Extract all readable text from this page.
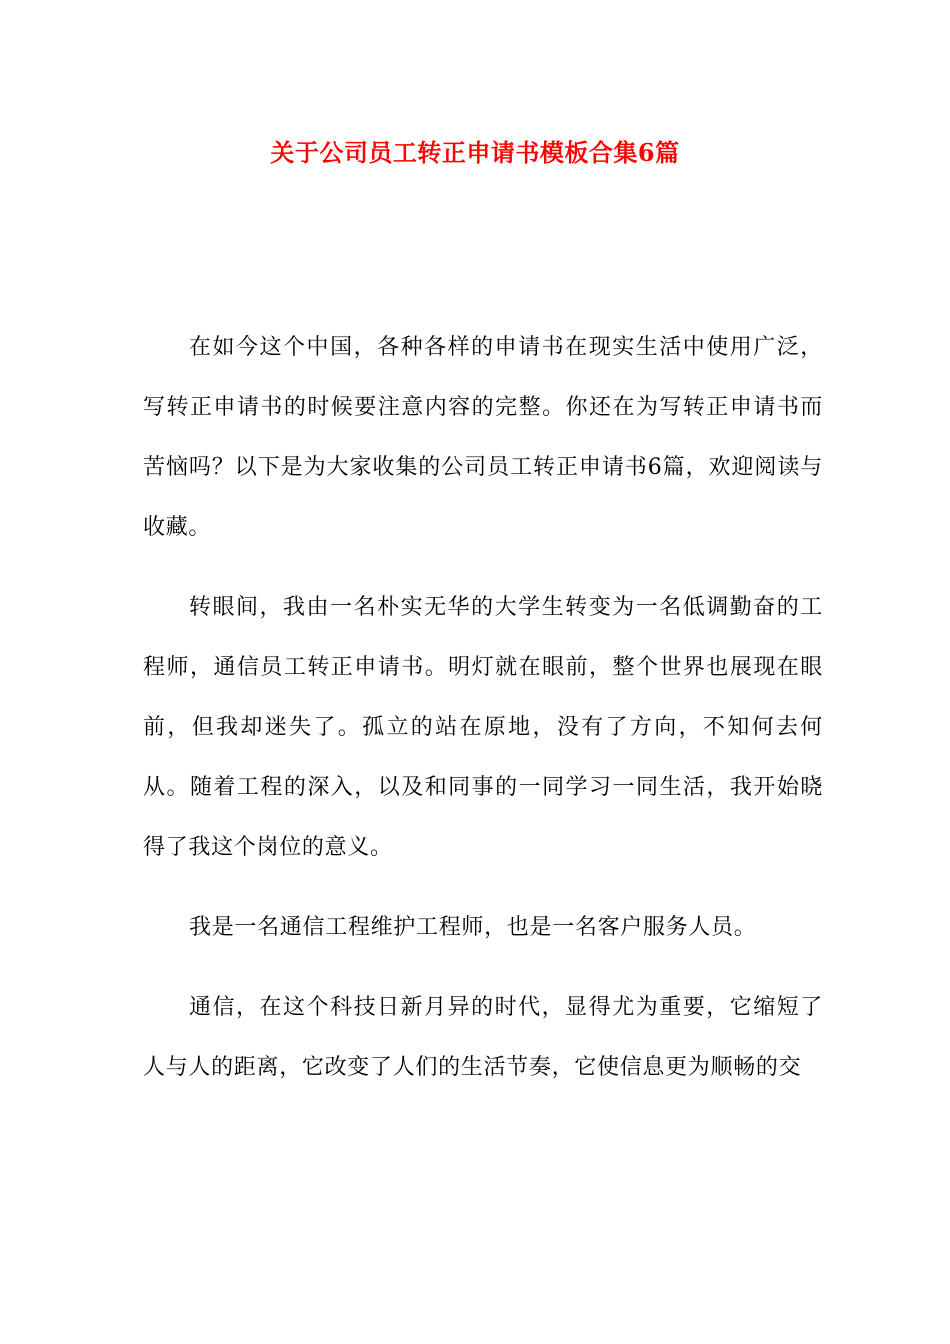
关于公司员工转正申请书模板合集6篇

在如今这个中国，各种各样的申请书在现实生活中使用广泛，写转正申请书的时候要注意内容的完整。你还在为写转正申请书而苦恼吗？以下是为大家收集的公司员工转正申请书6篇，欢迎阅读与收藏。

转眼间，我由一名朴实无华的大学生转变为一名低调勤奋的工程师，通信员工转正申请书。明灯就在眼前，整个世界也展现在眼前，但我却迷失了。孤立的站在原地，没有了方向，不知何去何从。随着工程的深入，以及和同事的一同学习一同生活，我开始晓得了我这个岗位的意义。

我是一名通信工程维护工程师，也是一名客户服务人员。

通信，在这个科技日新月异的时代，显得尤为重要，它缩短了人与人的距离，它改变了人们的生活节奏，它使信息更为顺畅的交
